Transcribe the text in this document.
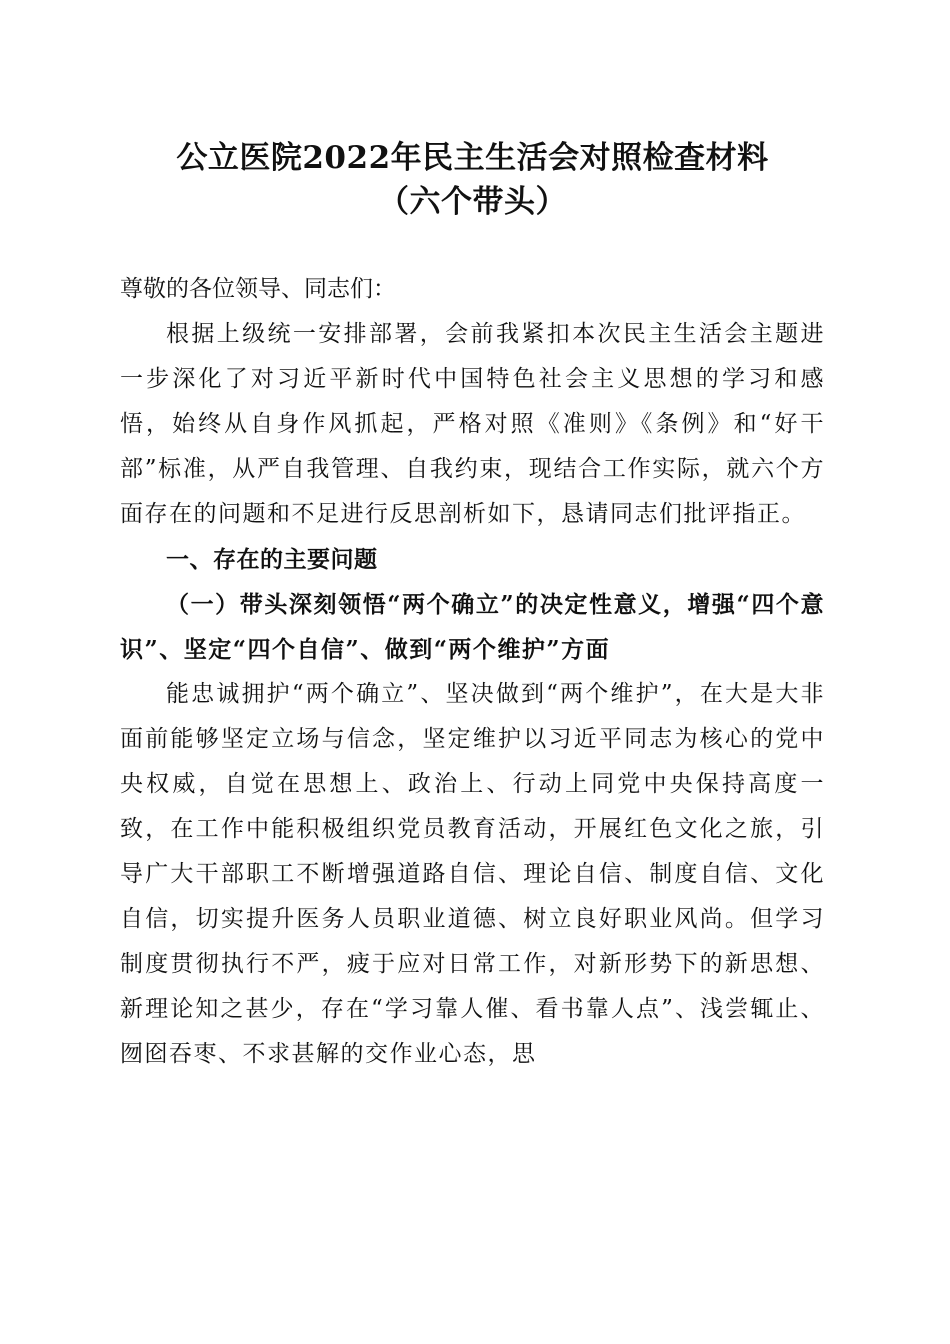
公立医院2022年民主生活会对照检查材料
（六个带头）

尊敬的各位领导、同志们：

根据上级统一安排部署，会前我紧扣本次民主生活会主题进一步深化了对习近平新时代中国特色社会主义思想的学习和感悟，始终从自身作风抓起，严格对照《准则》《条例》和“好干部”标准，从严自我管理、自我约束，现结合工作实际，就六个方面存在的问题和不足进行反思剖析如下，恳请同志们批评指正。

一、存在的主要问题

（一）带头深刻领悟“两个确立”的决定性意义，增强“四个意识”、坚定“四个自信”、做到“两个维护”方面

能忠诚拥护“两个确立”、坚决做到“两个维护”，在大是大非面前能够坚定立场与信念，坚定维护以习近平同志为核心的党中央权威，自觉在思想上、政治上、行动上同党中央保持高度一致，在工作中能积极组织党员教育活动，开展红色文化之旅，引导广大干部职工不断增强道路自信、理论自信、制度自信、文化自信，切实提升医务人员职业道德、树立良好职业风尚。但学习制度贯彻执行不严，疲于应对日常工作，对新形势下的新思想、新理论知之甚少，存在“学习靠人催、看书靠人点”、浅尝辄止、囫囵吞枣、不求甚解的交作业心态，思
